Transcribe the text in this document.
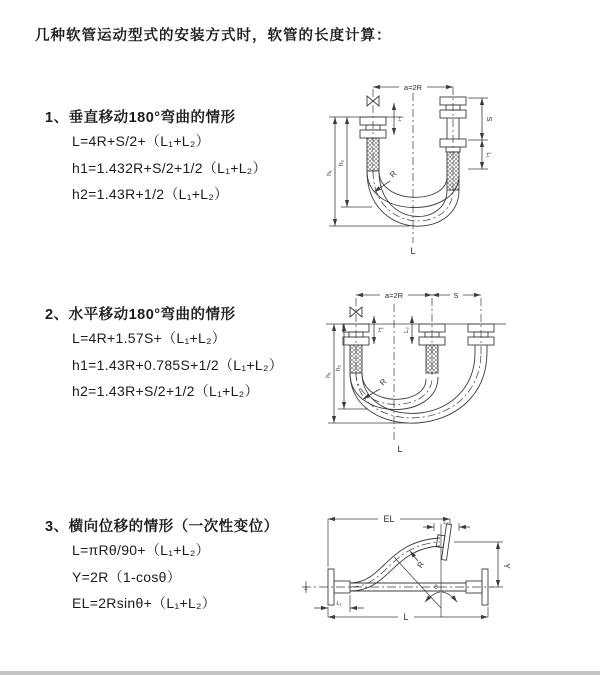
几种软管运动型式的安装方式时，软管的长度计算：
1、垂直移动180°弯曲的情形
L=4R+S/2+（L₁+L₂）
h1=1.432R+S/2+1/2（L₁+L₂）
h2=1.43R+1/2（L₁+L₂）
2、水平移动180°弯曲的情形
L=4R+1.57S+（L₁+L₂）
h1=1.43R+0.785S+1/2（L₁+L₂）
h2=1.43R+S/2+1/2（L₁+L₂）
3、横向位移的情形（一次性变位）
L=πRθ/90+（L₁+L₂）
Y=2R（1-cosθ）
EL=2Rsinθ+（L₁+L₂）
a=2R
S
L₁
L₁
h₂
h₁	R
L
a=2R	S
L₁	L₂
h₂
h₁
R
L
EL	L₂
Y
L
L₁
R
θ
z
